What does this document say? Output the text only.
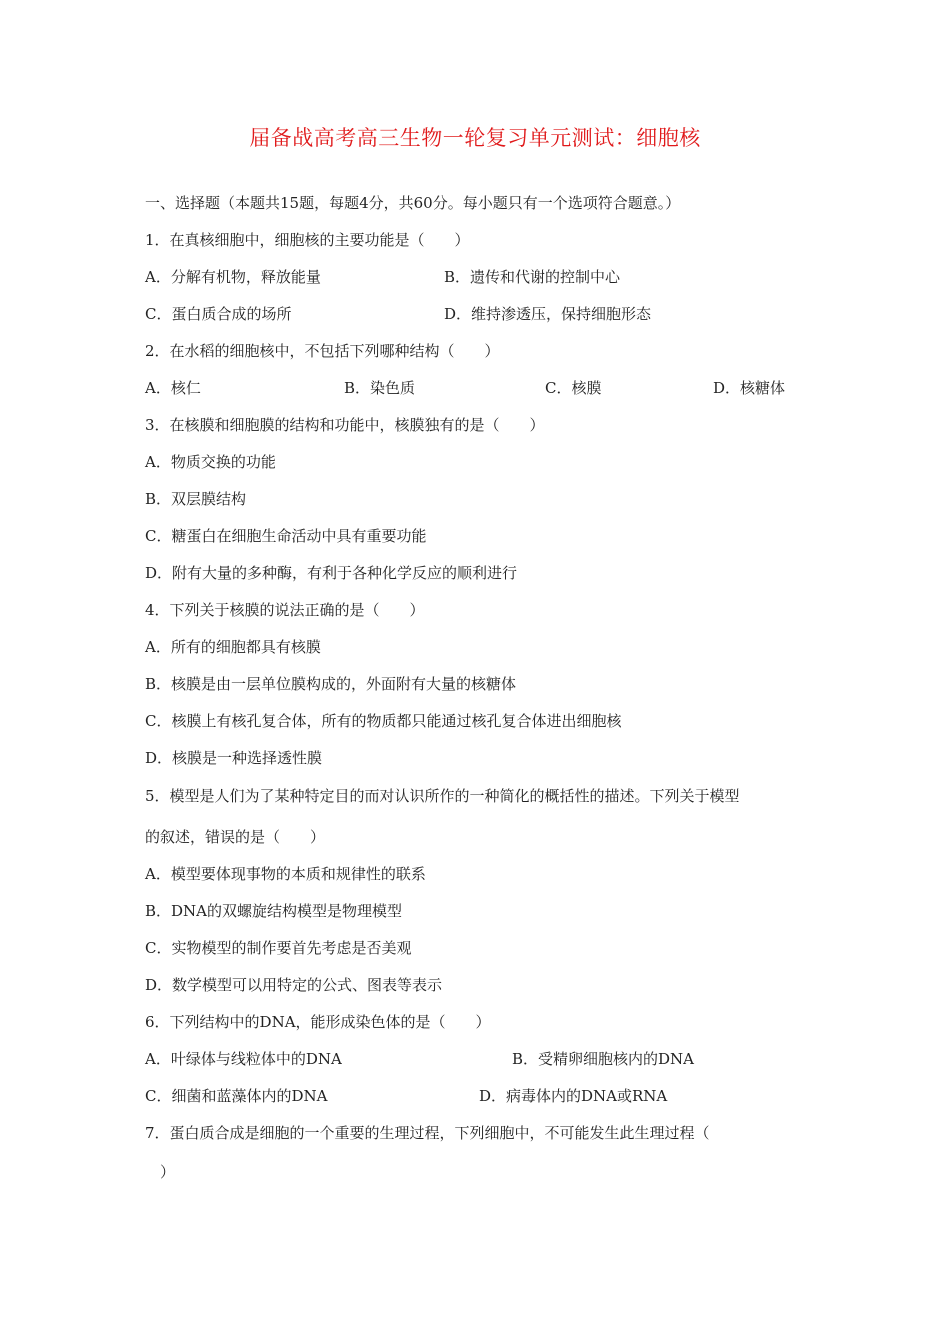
届备战高考高三生物一轮复习单元测试：细胞核

一、选择题（本题共15题，每题4分，共60分。每小题只有一个选项符合题意。）

1．在真核细胞中，细胞核的主要功能是（　　）

A．分解有机物，释放能量	B．遗传和代谢的控制中心
C．蛋白质合成的场所	D．维持渗透压，保持细胞形态

2．在水稻的细胞核中，不包括下列哪种结构（　　）

A．核仁	B．染色质	C．核膜	D．核糖体

3．在核膜和细胞膜的结构和功能中，核膜独有的是（　　）

A．物质交换的功能

B．双层膜结构

C．糖蛋白在细胞生命活动中具有重要功能

D．附有大量的多种酶，有利于各种化学反应的顺利进行

4．下列关于核膜的说法正确的是（　　）

A．所有的细胞都具有核膜

B．核膜是由一层单位膜构成的，外面附有大量的核糖体

C．核膜上有核孔复合体，所有的物质都只能通过核孔复合体进出细胞核

D．核膜是一种选择透性膜

5．模型是人们为了某种特定目的而对认识所作的一种简化的概括性的描述。下列关于模型

的叙述，错误的是（　　）

A．模型要体现事物的本质和规律性的联系

B．DNA的双螺旋结构模型是物理模型

C．实物模型的制作要首先考虑是否美观

D．数学模型可以用特定的公式、图表等表示

6．下列结构中的DNA，能形成染色体的是（　　）

A．叶绿体与线粒体中的DNA	B．受精卵细胞核内的DNA
C．细菌和蓝藻体内的DNA	D．病毒体内的DNA或RNA

7．蛋白质合成是细胞的一个重要的生理过程，下列细胞中，不可能发生此生理过程（

）
